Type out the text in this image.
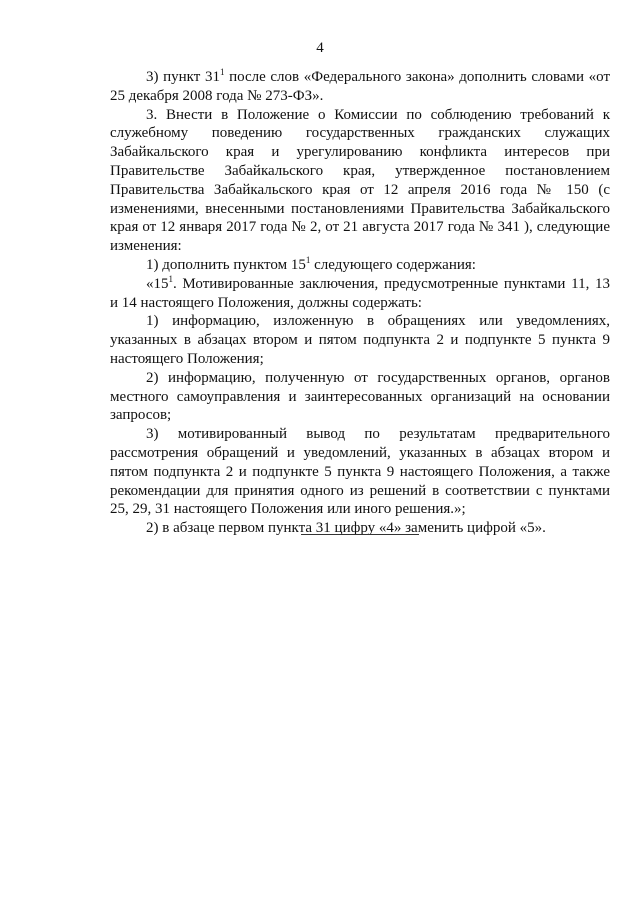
4

3) пункт $31^1$ после слов «Федерального закона» дополнить словами «от 25 декабря 2008 года № 273-ФЗ».

3. Внести в Положение о Комиссии по соблюдению требований к служебному поведению государственных гражданских служащих Забайкальского края и урегулированию конфликта интересов при Правительстве Забайкальского края, утвержденное постановлением Правительства Забайкальского края от 12 апреля 2016 года № 150 (с изменениями, внесенными постановлениями Правительства Забайкальского края от 12 января 2017 года № 2, от 21 августа 2017 года № 341 ), следующие изменения:

1) дополнить пунктом $15^1$ следующего содержания:

«$15^1$. Мотивированные заключения, предусмотренные пунктами 11, 13 и 14 настоящего Положения, должны содержать:

1) информацию, изложенную в обращениях или уведомлениях, указанных в абзацах втором и пятом подпункта 2 и подпункте 5 пункта 9 настоящего Положения;

2) информацию, полученную от государственных органов, органов местного самоуправления и заинтересованных организаций на основании запросов;

3) мотивированный вывод по результатам предварительного рассмотрения обращений и уведомлений, указанных в абзацах втором и пятом подпункта 2 и подпункте 5 пункта 9 настоящего Положения, а также рекомендации для принятия одного из решений в соответствии с пунктами 25, 29, 31 настоящего Положения или иного решения.»;

2) в абзаце первом пункта 31 цифру «4» заменить цифрой «5».
